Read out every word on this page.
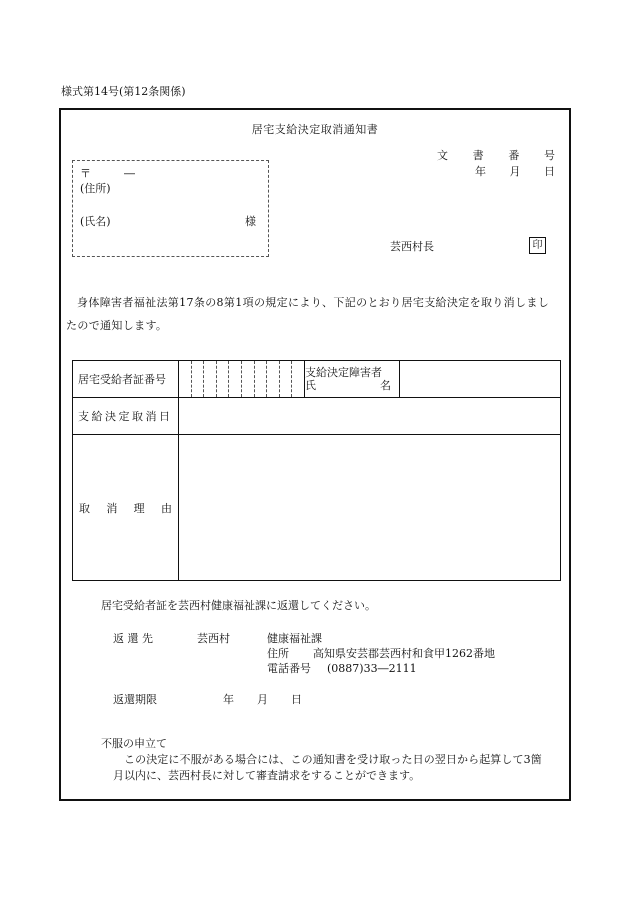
様式第14号(第12条関係)
居宅支給決定取消通知書
文 書 番 号
年 月 日
〒	―
(住所)
(氏名)	様
芸西村長	印
身体障害者福祉法第17条の8第1項の規定により、下記のとおり居宅支給決定を取り消しましたので通知します。
居宅受給者証番号		支給決定障害者
氏 名	

支給決定取消日			

取 消 理 由			

居宅受給者証を芸西村健康福祉課に返還してください。
返 還 先	芸西村	健康福祉課
住所 高知県安芸郡芸西村和食甲1262番地
電話番号 (0887)33―2111
返還期限	年 月 日
不服の申立て
この決定に不服がある場合には、この通知書を受け取った日の翌日から起算して3箇
月以内に、芸西村長に対して審査請求をすることができます。
